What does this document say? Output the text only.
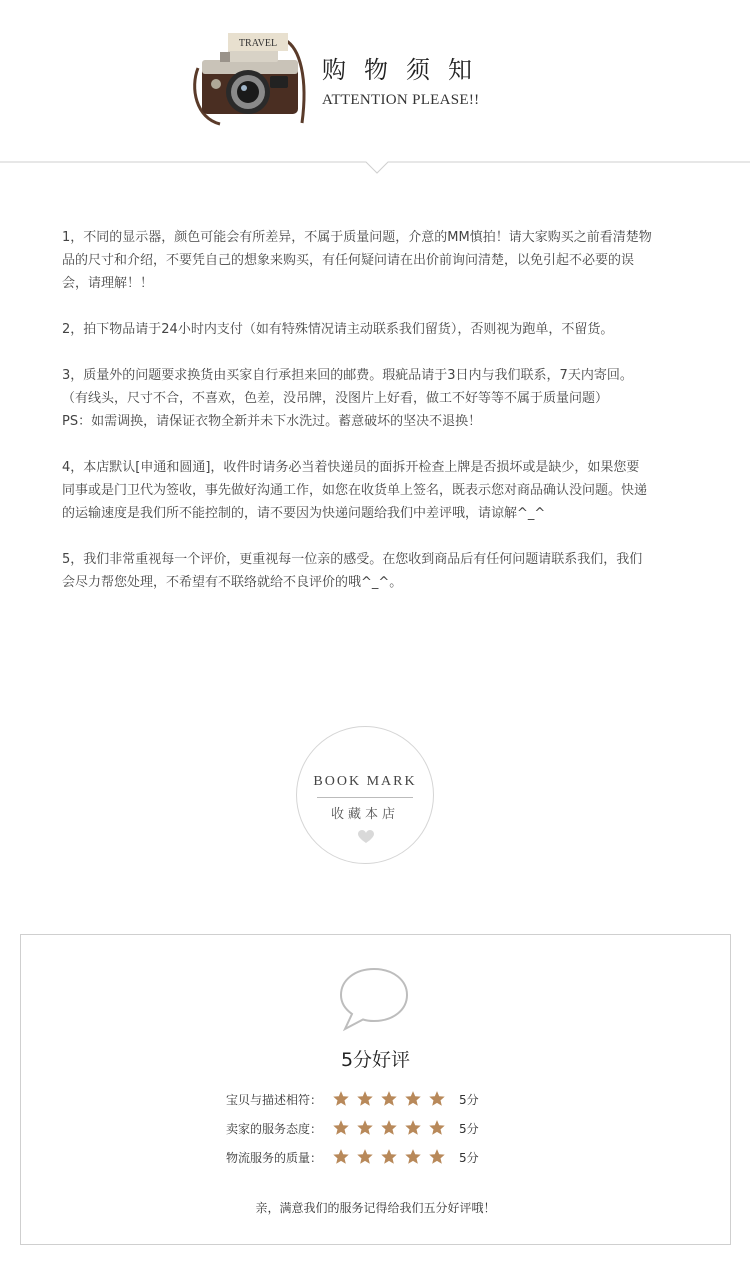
TRAVEL
购物须知
ATTENTION PLEASE!!

1，不同的显示器，颜色可能会有所差异，不属于质量问题，介意的MM慎拍！请大家购买之前看清楚物

品的尺寸和介绍，不要凭自己的想象来购买，有任何疑问请在出价前询问清楚，以免引起不必要的误

会，请理解！！

2，拍下物品请于24小时内支付（如有特殊情况请主动联系我们留货），否则视为跑单，不留货。

3，质量外的问题要求换货由买家自行承担来回的邮费。瑕疵品请于3日内与我们联系，7天内寄回。

（有线头，尺寸不合，不喜欢，色差，没吊牌，没图片上好看，做工不好等等不属于质量问题）

PS：如需调换，请保证衣物全新并未下水洗过。蓄意破坏的坚决不退换！

4，本店默认[申通和圆通]，收件时请务必当着快递员的面拆开检查上牌是否损坏或是缺少，如果您要

同事或是门卫代为签收，事先做好沟通工作，如您在收货单上签名，既表示您对商品确认没问题。快递

的运输速度是我们所不能控制的，请不要因为快递问题给我们中差评哦，请谅解^_^

5，我们非常重视每一个评价，更重视每一位亲的感受。在您收到商品后有任何问题请联系我们，我们

会尽力帮您处理，不希望有不联络就给不良评价的哦^_^。

BOOK MARK
收藏本店
5分好评
宝贝与描述相符：	5分
卖家的服务态度：	5分
物流服务的质量：	5分
亲，满意我们的服务记得给我们五分好评哦！
